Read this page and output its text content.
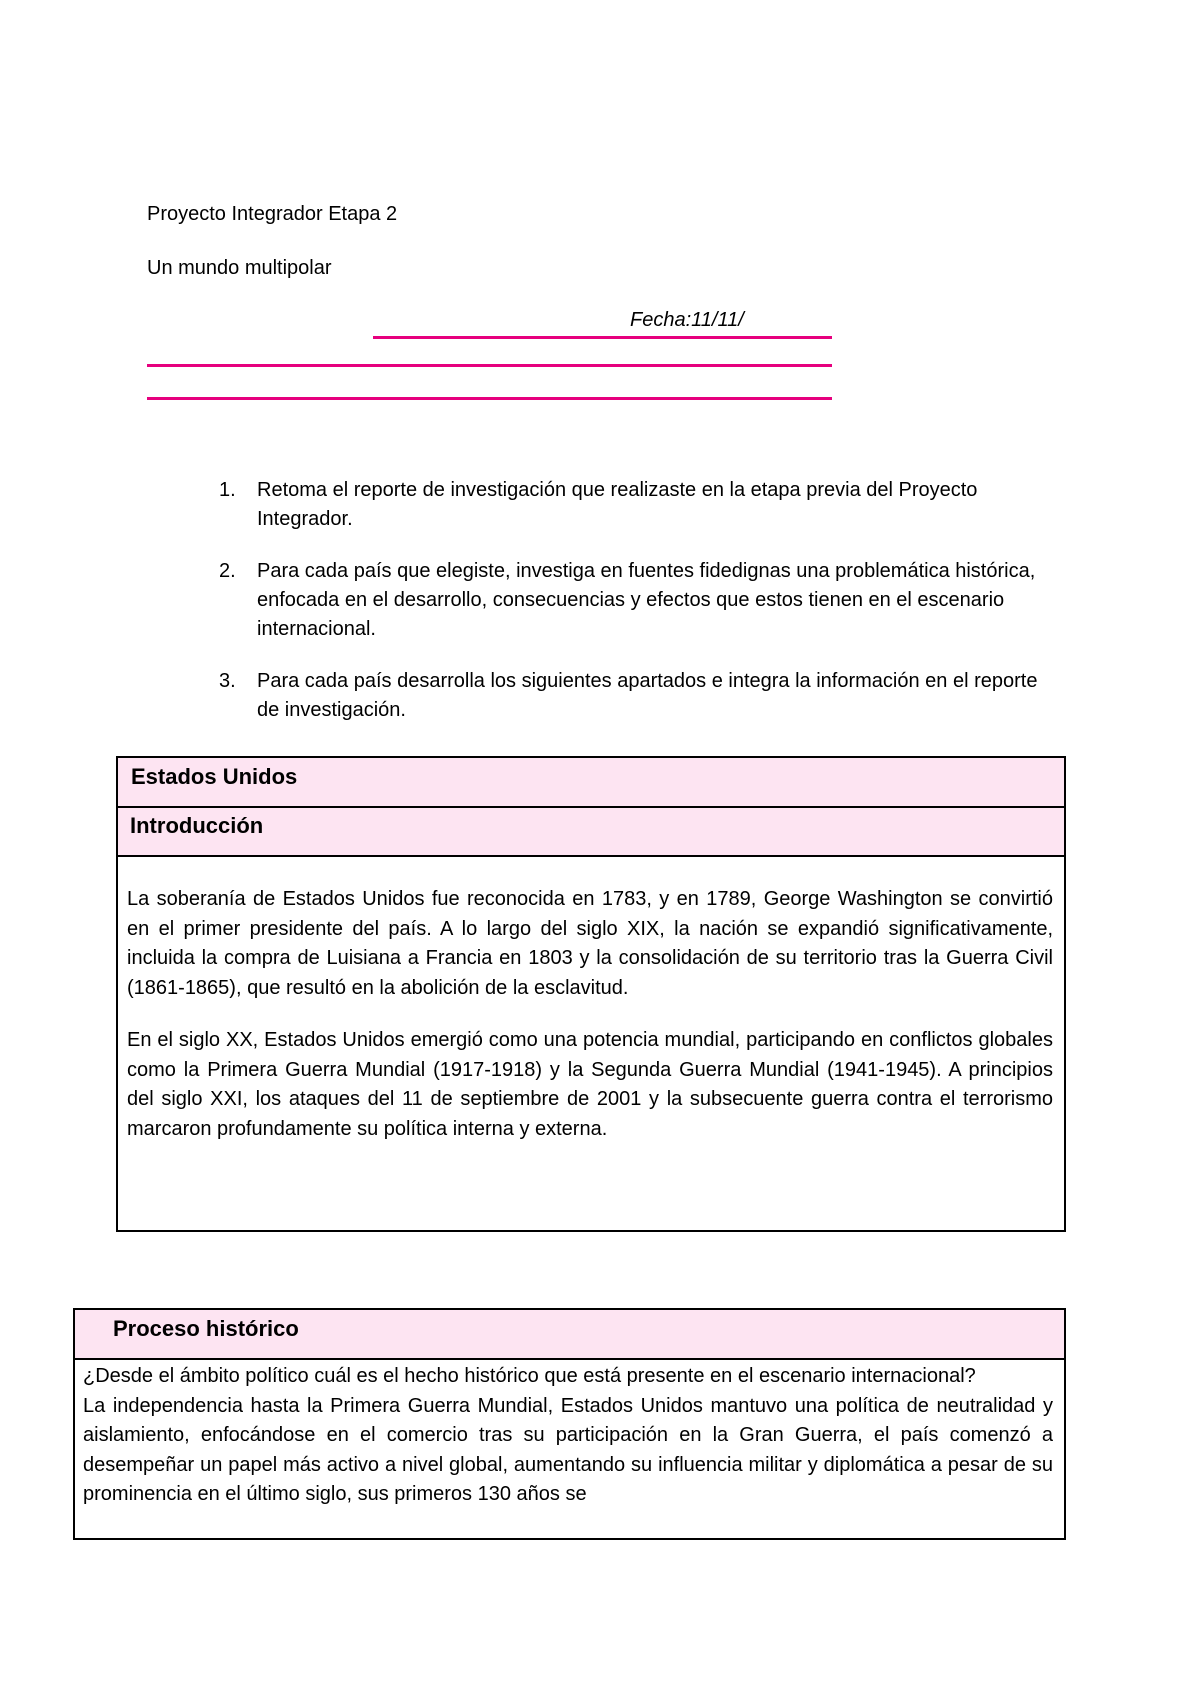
Proyecto Integrador Etapa 2
Un mundo multipolar
Fecha:11/11/
1. Retoma el reporte de investigación que realizaste en la etapa previa del Proyecto Integrador.
2. Para cada país que elegiste, investiga en fuentes fidedignas una problemática histórica, enfocada en el desarrollo, consecuencias y efectos que estos tienen en el escenario internacional.
3. Para cada país desarrolla los siguientes apartados e integra la información en el reporte de investigación.
Estados Unidos
Introducción

La soberanía de Estados Unidos fue reconocida en 1783, y en 1789, George Washington se convirtió en el primer presidente del país. A lo largo del siglo XIX, la nación se expandió significativamente, incluida la compra de Luisiana a Francia en 1803 y la consolidación de su territorio tras la Guerra Civil (1861-1865), que resultó en la abolición de la esclavitud.

En el siglo XX, Estados Unidos emergió como una potencia mundial, participando en conflictos globales como la Primera Guerra Mundial (1917-1918) y la Segunda Guerra Mundial (1941-1945). A principios del siglo XXI, los ataques del 11 de septiembre de 2001 y la subsecuente guerra contra el terrorismo marcaron profundamente su política interna y externa.

Proceso histórico

¿Desde el ámbito político cuál es el hecho histórico que está presente en el escenario internacional?

La independencia hasta la Primera Guerra Mundial, Estados Unidos mantuvo una política de neutralidad y aislamiento, enfocándose en el comercio tras su participación en la Gran Guerra, el país comenzó a desempeñar un papel más activo a nivel global, aumentando su influencia militar y diplomática a pesar de su prominencia en el último siglo, sus primeros 130 años se
